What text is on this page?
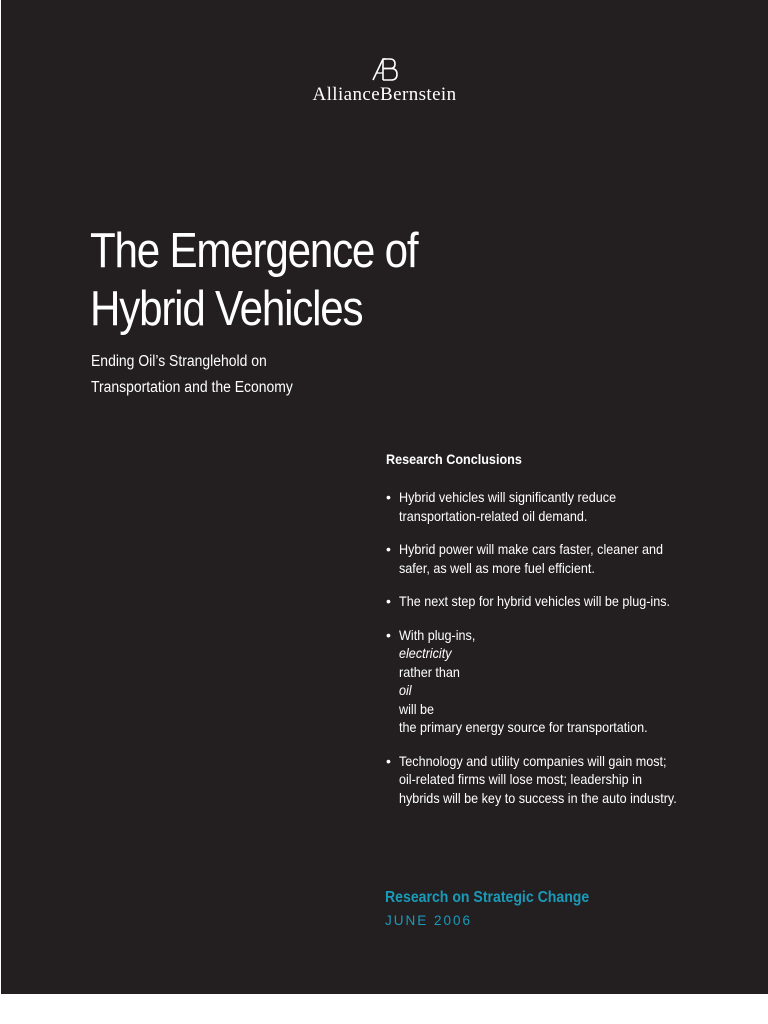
AllianceBernstein
The Emergence of
Hybrid Vehicles

Ending Oil’s Stranglehold on
Transportation and the Economy

Research Conclusions
• Hybrid vehicles will significantly reduce
transportation-related oil demand.
• Hybrid power will make cars faster, cleaner and
safer, as well as more fuel efficient.
• The next step for hybrid vehicles will be plug-ins.
• With plug-ins,
electricity
rather than
oil
will be
the primary energy source for transportation.
• Technology and utility companies will gain most;
oil-related firms will lose most; leadership in
hybrids will be key to success in the auto industry.

Research on Strategic Change

JUNE 2006
